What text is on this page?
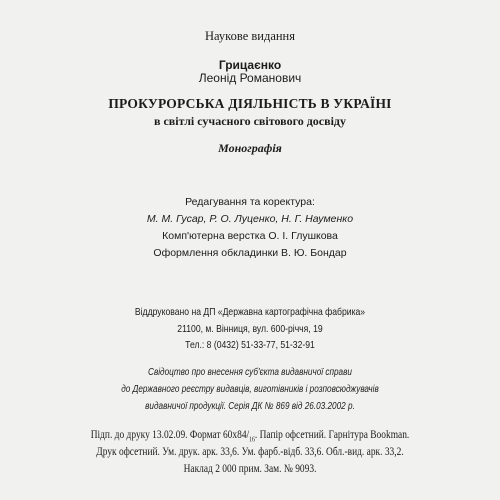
Наукове видання
Грицаєнко
Леонід Романович
ПРОКУРОРСЬКА ДІЯЛЬНІСТЬ В УКРАЇНІ
в світлі сучасного світового досвіду
Монографія
Редагування та коректура:
М. М. Гусар, Р. О. Луценко, Н. Г. Науменко
Комп'ютерна верстка О. І. Глушкова
Оформлення обкладинки В. Ю. Бондар
Віддруковано на ДП «Державна картографічна фабрика»
21100, м. Вінниця, вул. 600-річчя, 19
Тел.: 8 (0432) 51-33-77, 51-32-91
Свідоцтво про внесення суб'єкта видавничої справи
до Державного реєстру видавців, виготівників і розповсюджувачів
видавничої продукції. Серія ДК № 869 від 26.03.2002 р.
Підп. до друку 13.02.09. Формат $60х84/_{16}$. Папір офсетний. Гарнітура Bookman.
Друк офсетний. Ум. друк. арк. 33,6. Ум. фарб.-відб. 33,6. Обл.-вид. арк. 33,2.
Наклад 2 000 прим. Зам. № 9093.
